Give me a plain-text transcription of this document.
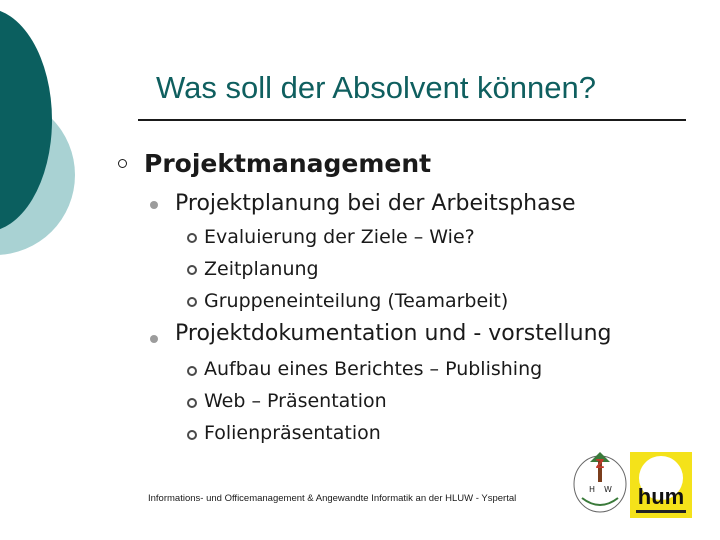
Was soll der Absolvent können?
Projektmanagement
Projektplanung bei der Arbeitsphase
Evaluierung der Ziele – Wie?
Zeitplanung
Gruppeneinteilung (Teamarbeit)
Projektdokumentation und - vorstellung
Aufbau eines Berichtes – Publishing
Web – Präsentation
Folienpräsentation
Informations- und Officemanagement & Angewandte Informatik an der HLUW - Yspertal
Z
H W	hum
